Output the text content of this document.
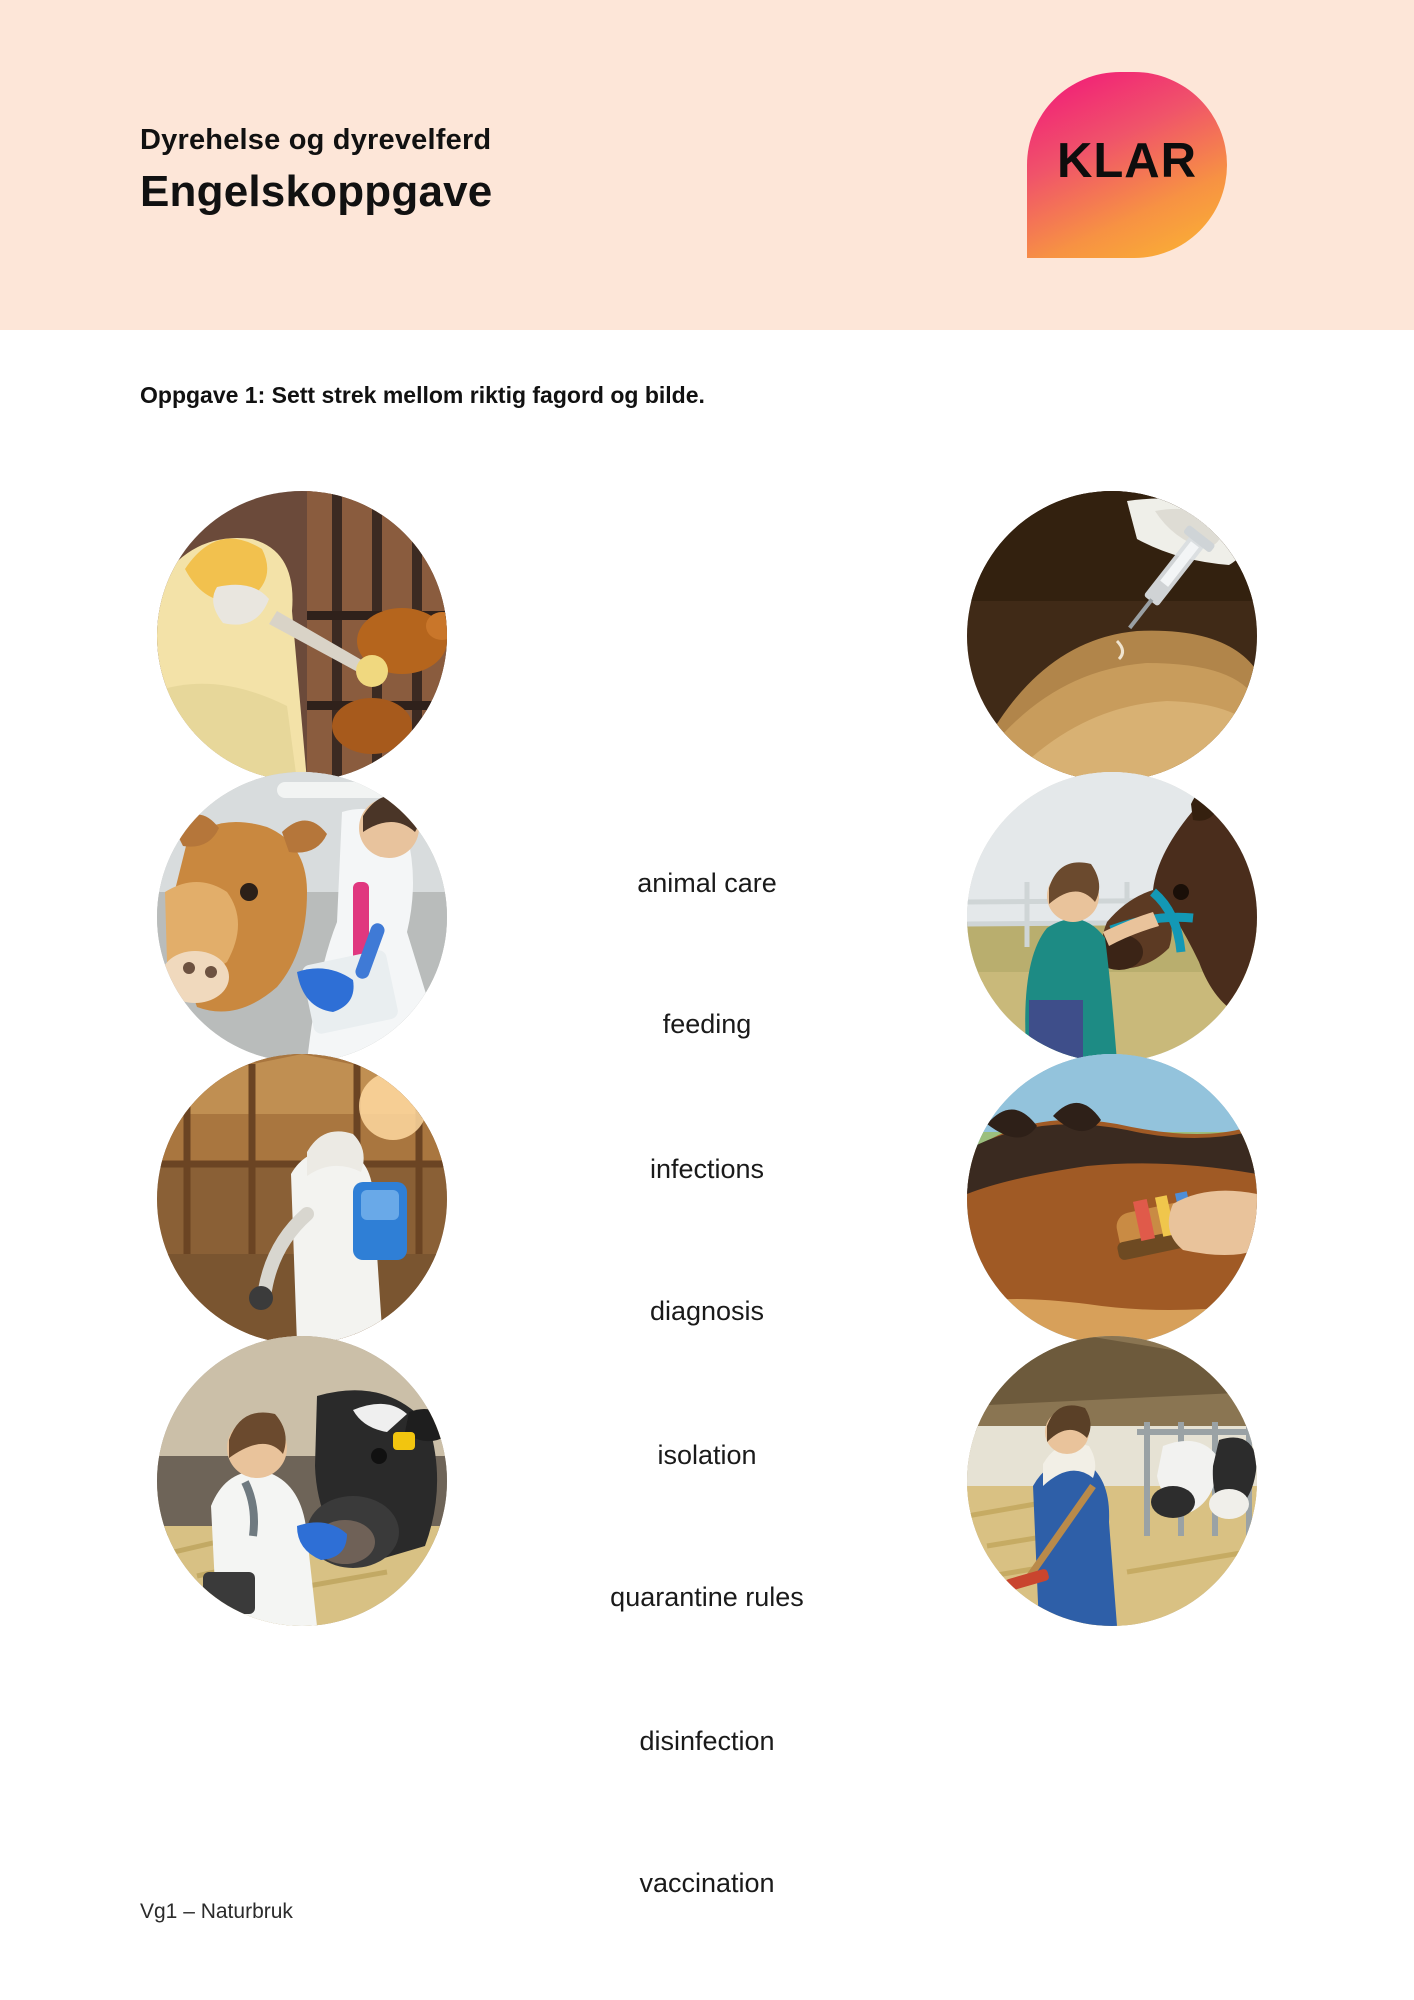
Dyrehelse og dyrevelferd
Engelskoppgave
KLAR
Oppgave 1: Sett strek mellom riktig fagord og bilde.
animal care
feeding
infections
diagnosis
isolation
quarantine rules
disinfection
vaccination
Vg1 – Naturbruk
